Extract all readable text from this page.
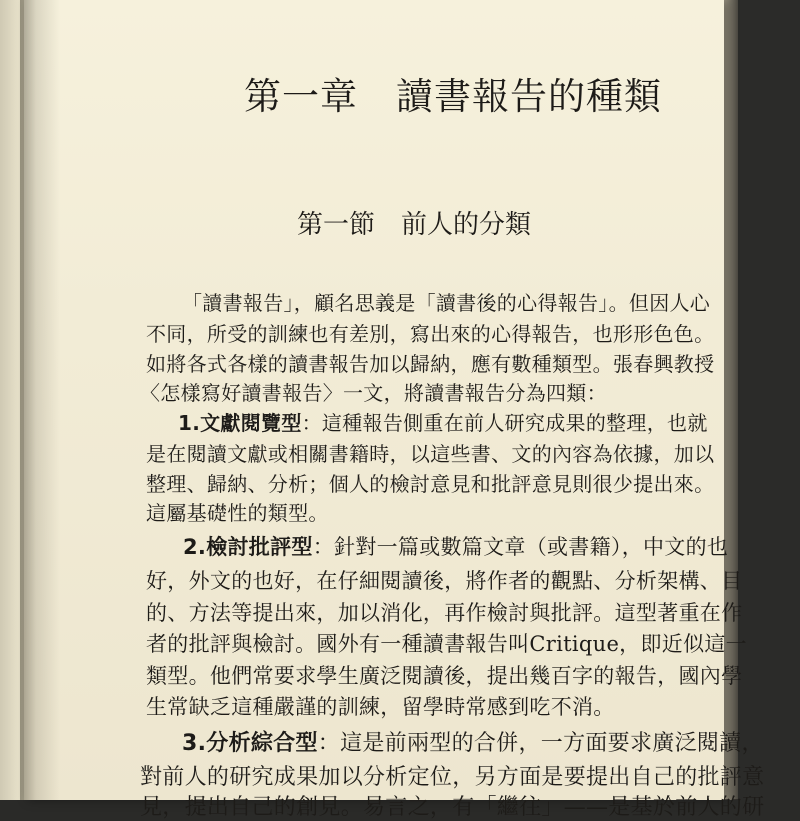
第一章　讀書報告的種類
第一節　前人的分類
「讀書報告」，顧名思義是「讀書後的心得報告」。但因人心
不同，所受的訓練也有差別，寫出來的心得報告，也形形色色。
如將各式各樣的讀書報告加以歸納，應有數種類型。張春興教授
〈怎樣寫好讀書報告〉一文，將讀書報告分為四類：
1.文獻閱覽型：這種報告側重在前人研究成果的整理，也就
是在閱讀文獻或相關書籍時，以這些書、文的內容為依據，加以
整理、歸納、分析；個人的檢討意見和批評意見則很少提出來。
這屬基礎性的類型。
2.檢討批評型：針對一篇或數篇文章（或書籍），中文的也
好，外文的也好，在仔細閱讀後，將作者的觀點、分析架構、目
的、方法等提出來，加以消化，再作檢討與批評。這型著重在作
者的批評與檢討。國外有一種讀書報告叫Critique，即近似這一
類型。他們常要求學生廣泛閱讀後，提出幾百字的報告，國內學
生常缺乏這種嚴謹的訓練，留學時常感到吃不消。
3.分析綜合型：這是前兩型的合併，一方面要求廣泛閱讀，
對前人的研究成果加以分析定位，另方面是要提出自己的批評意
見，提出自己的創見。易言之，有「繼往」——是基於前人的研
